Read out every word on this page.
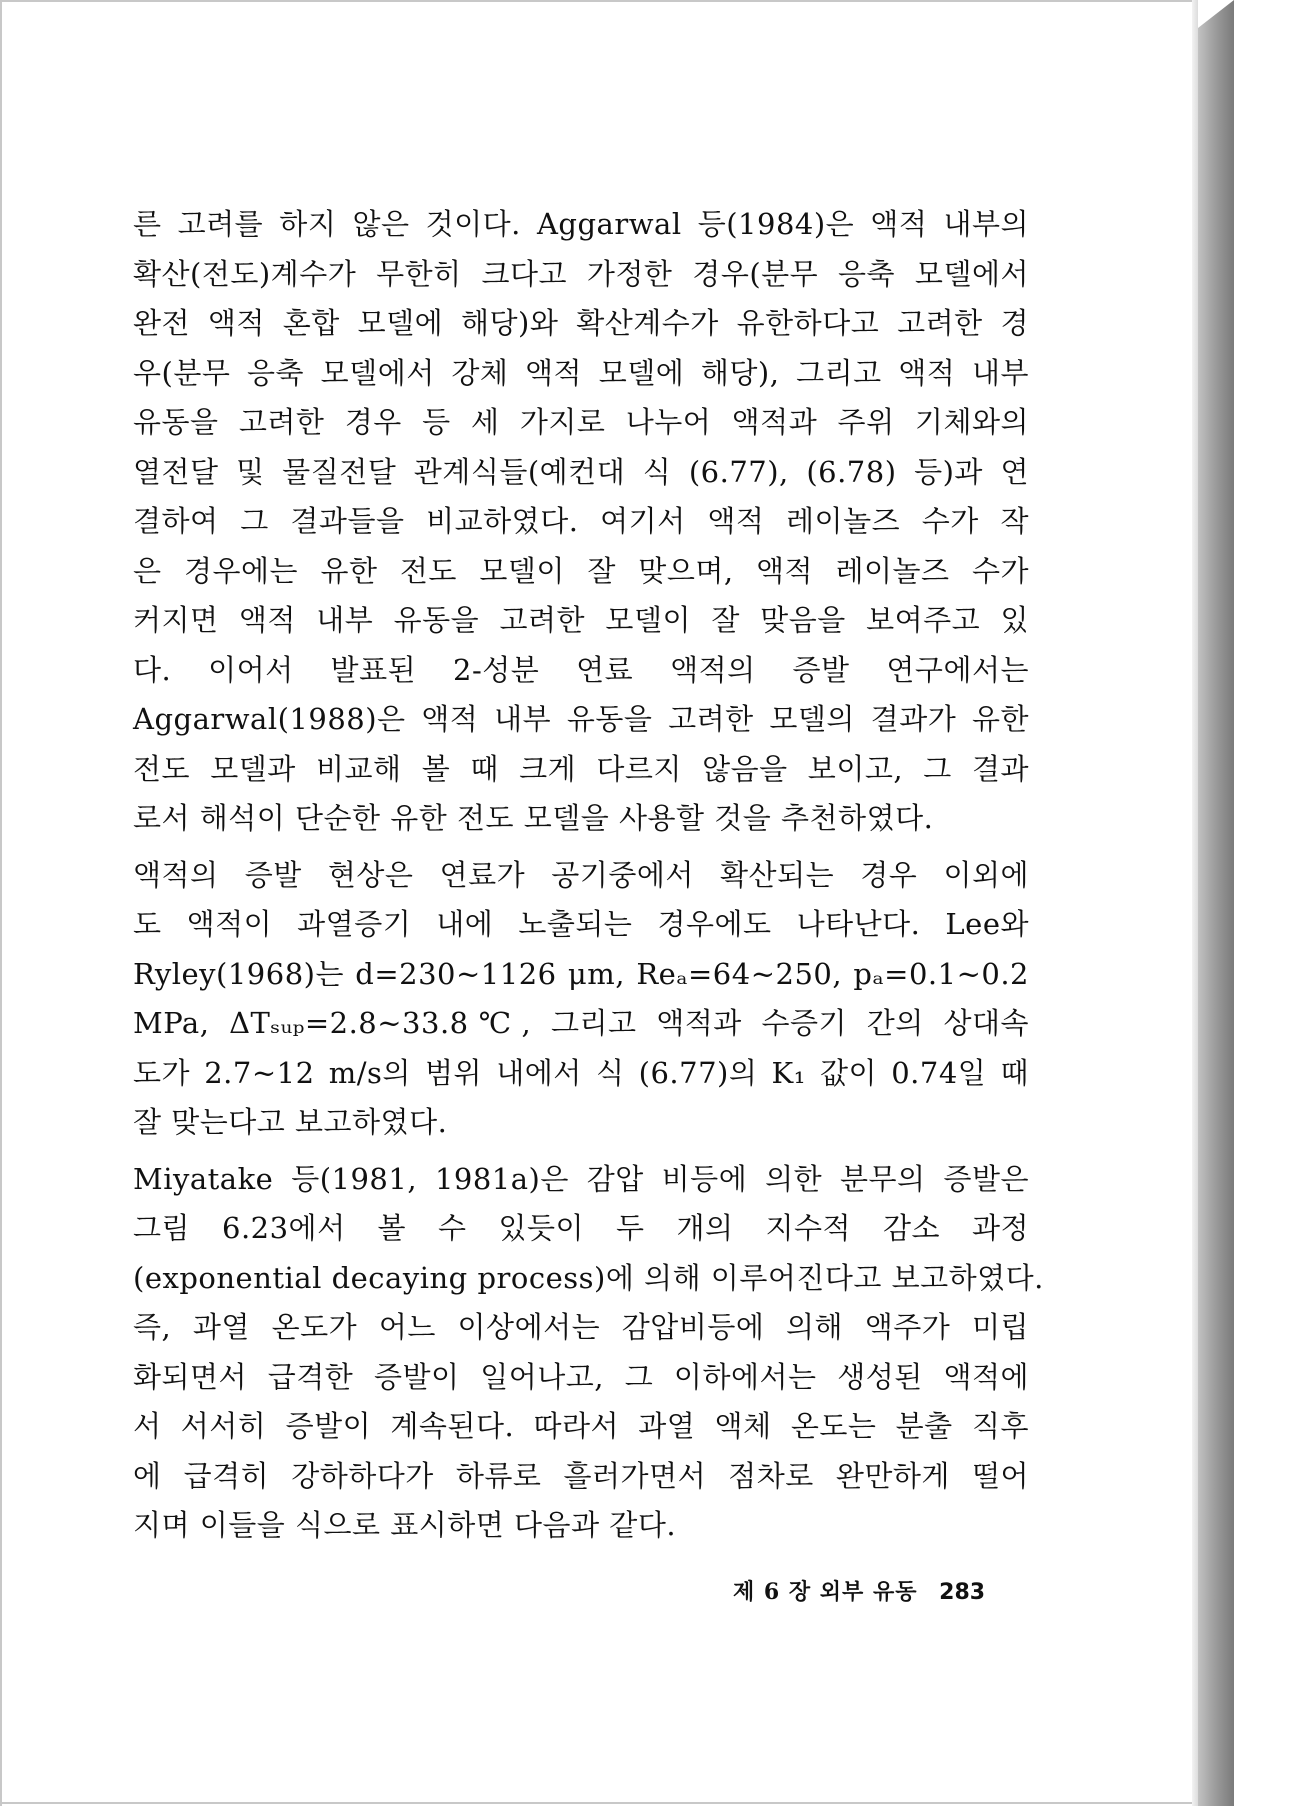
른 고려를 하지 않은 것이다. Aggarwal 등(1984)은 액적 내부의
확산(전도)계수가 무한히 크다고 가정한 경우(분무 응축 모델에서
완전 액적 혼합 모델에 해당)와 확산계수가 유한하다고 고려한 경
우(분무 응축 모델에서 강체 액적 모델에 해당), 그리고 액적 내부
유동을 고려한 경우 등 세 가지로 나누어 액적과 주위 기체와의
열전달 및 물질전달 관계식들(예컨대 식 (6.77), (6.78) 등)과 연
결하여 그 결과들을 비교하였다. 여기서 액적 레이놀즈 수가 작
은 경우에는 유한 전도 모델이 잘 맞으며, 액적 레이놀즈 수가
커지면 액적 내부 유동을 고려한 모델이 잘 맞음을 보여주고 있
다. 이어서 발표된 2-성분 연료 액적의 증발 연구에서는
Aggarwal(1988)은 액적 내부 유동을 고려한 모델의 결과가 유한
전도 모델과 비교해 볼 때 크게 다르지 않음을 보이고, 그 결과
로서 해석이 단순한 유한 전도 모델을 사용할 것을 추천하였다.
액적의 증발 현상은 연료가 공기중에서 확산되는 경우 이외에
도 액적이 과열증기 내에 노출되는 경우에도 나타난다. Lee와
Ryley(1968)는 d=230~1126 μm, Reₐ=64~250, pₐ=0.1~0.2
MPa, ΔTₛᵤₚ=2.8~33.8℃, 그리고 액적과 수증기 간의 상대속
도가 2.7~12 m/s의 범위 내에서 식 (6.77)의 K₁ 값이 0.74일 때
잘 맞는다고 보고하였다.
Miyatake 등(1981, 1981a)은 감압 비등에 의한 분무의 증발은
그림 6.23에서 볼 수 있듯이 두 개의 지수적 감소 과정
(exponential decaying process)에 의해 이루어진다고 보고하였다.
즉, 과열 온도가 어느 이상에서는 감압비등에 의해 액주가 미립
화되면서 급격한 증발이 일어나고, 그 이하에서는 생성된 액적에
서 서서히 증발이 계속된다. 따라서 과열 액체 온도는 분출 직후
에 급격히 강하하다가 하류로 흘러가면서 점차로 완만하게 떨어
지며 이들을 식으로 표시하면 다음과 같다.
제 6 장 외부 유동 283
